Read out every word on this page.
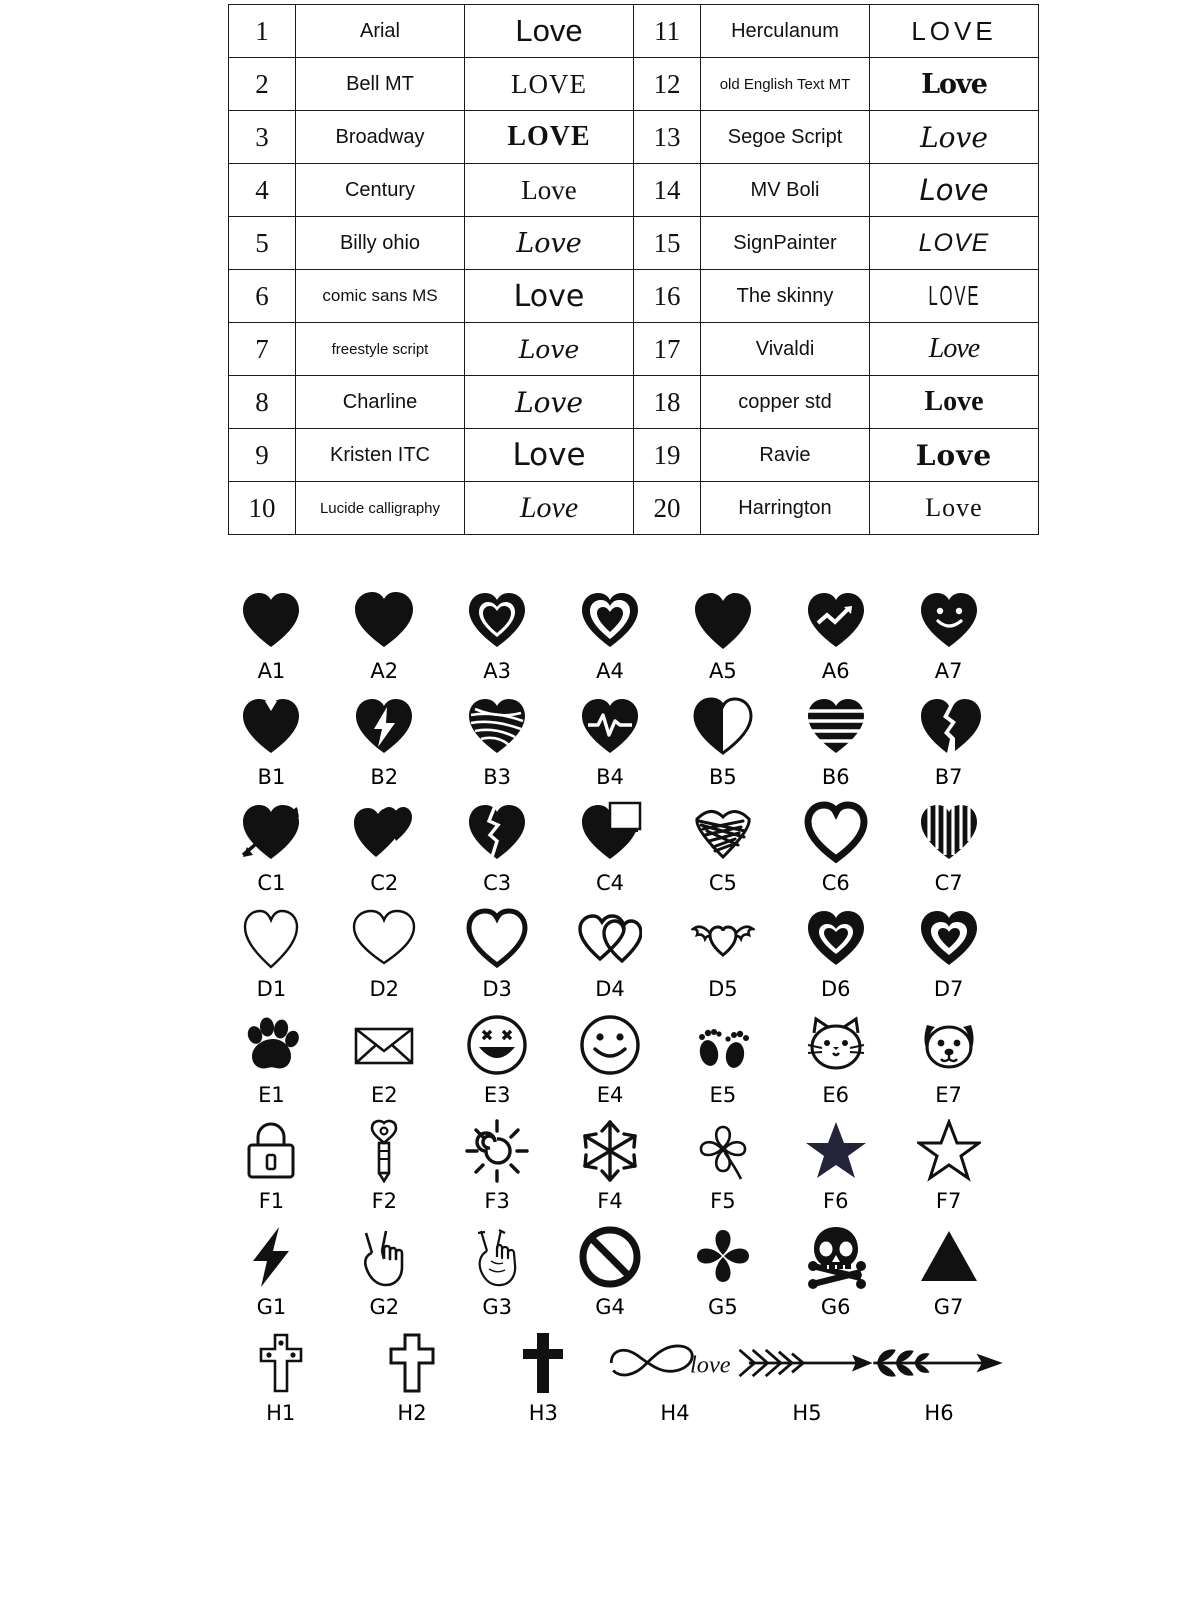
1	Arial	Love	11	Herculanum	LOVE
2	Bell MT	LOVE	12	old English Text MT	Love
3	Broadway	LOVE	13	Segoe Script	Love
4	Century	Love	14	MV Boli	Love
5	Billy ohio	Love	15	SignPainter	LOVE
6	comic sans MS	Love	16	The skinny	LOVE
7	freestyle script	Love	17	Vivaldi	Love
8	Charline	Love	18	copper std	Love
9	Kristen ITC	Love	19	Ravie	Love
10	Lucide calligraphy	Love	20	Harrington	Love
A1	A2	A3	A4	A5	A6	A7
B1	B2	B3	B4	B5	B6	B7
C1	C2	C3	C4	C5	C6	C7
D1	D2	D3	D4	D5	D6	D7
E1	E2	E3	E4	E5	E6	E7
F1	F2	F3	F4	F5	F6	F7
G1	G2	G3	G4	G5	G6	G7
H1	H2	H3
love
H4	H5	H6
